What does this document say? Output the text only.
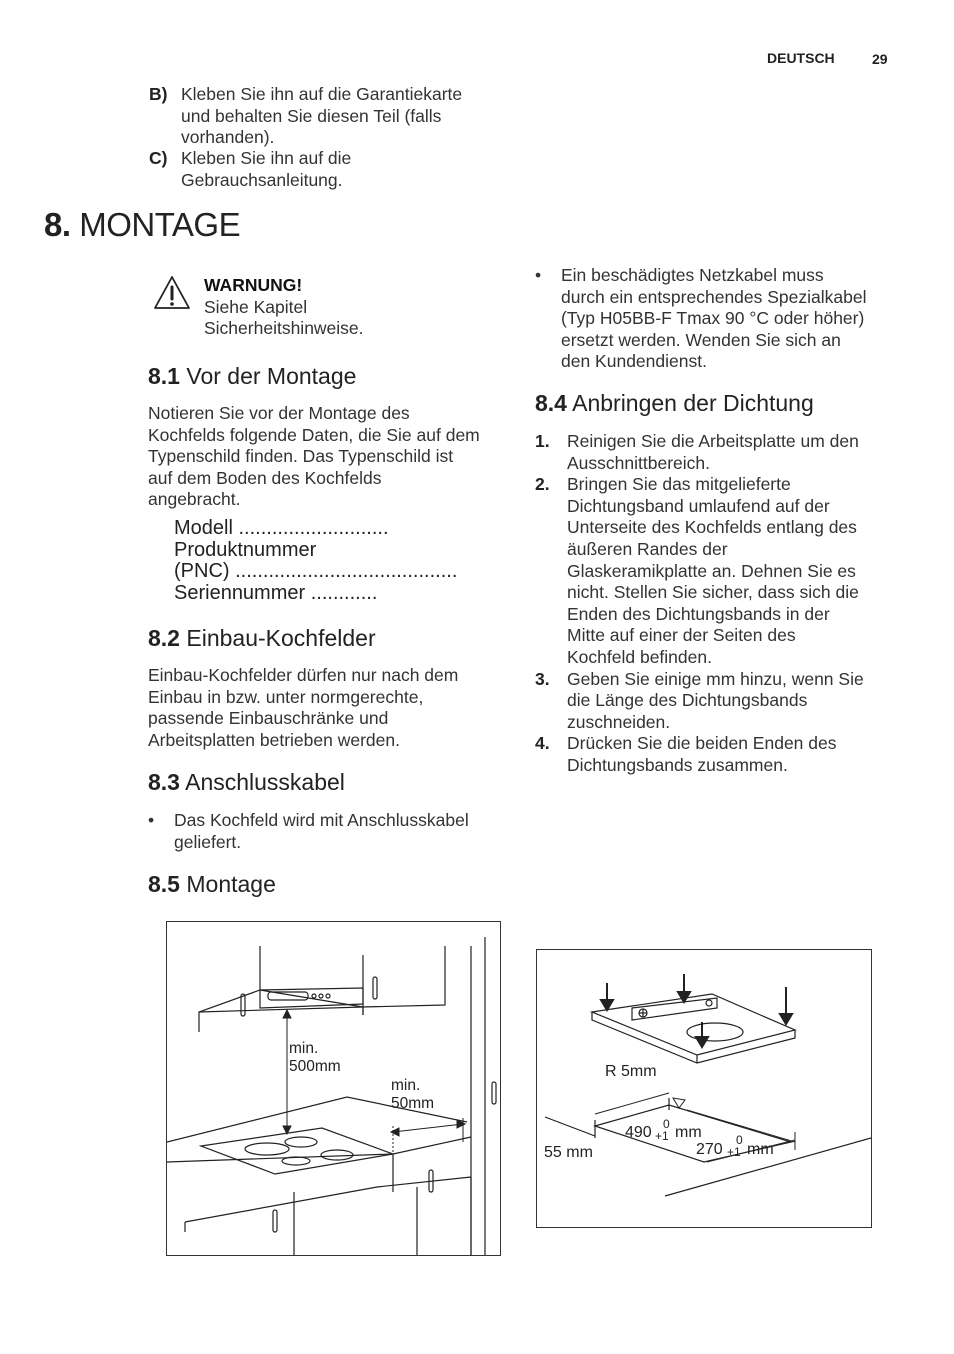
DEUTSCH	29
B) Kleben Sie ihn auf die Garantiekarte
und behalten Sie diesen Teil (falls
vorhanden).
C) Kleben Sie ihn auf die
Gebrauchsanleitung.
8. MONTAGE
WARNUNG!
Siehe Kapitel
Sicherheitshinweise.
8.1 Vor der Montage
Notieren Sie vor der Montage des
Kochfelds folgende Daten, die Sie auf dem
Typenschild finden. Das Typenschild ist
auf dem Boden des Kochfelds
angebracht.
Modell ...........................
Produktnummer
(PNC) ........................................
Seriennummer ............
8.2 Einbau-Kochfelder
Einbau-Kochfelder dürfen nur nach dem
Einbau in bzw. unter normgerechte,
passende Einbauschränke und
Arbeitsplatten betrieben werden.
8.3 Anschlusskabel
•	Das Kochfeld wird mit Anschlusskabel
geliefert.
8.5 Montage
•	Ein beschädigtes Netzkabel muss
durch ein entsprechendes Spezialkabel
(Typ H05BB-F Tmax 90 °C oder höher)
ersetzt werden. Wenden Sie sich an
den Kundendienst.
8.4 Anbringen der Dichtung
1. Reinigen Sie die Arbeitsplatte um den
Ausschnittbereich.
2. Bringen Sie das mitgelieferte
Dichtungsband umlaufend auf der
Unterseite des Kochfelds entlang des
äußeren Randes der
Glaskeramikplatte an. Dehnen Sie es
nicht. Stellen Sie sicher, dass sich die
Enden des Dichtungsbands in der
Mitte auf einer der Seiten des
Kochfeld befinden.
3. Geben Sie einige mm hinzu, wenn Sie
die Länge des Dichtungsbands
zuschneiden.
4. Drücken Sie die beiden Enden des
Dichtungsbands zusammen.
min.
500mm
min.
50mm
R 5mm
55 mm
490 0
+1 mm
270
0
+1 mm
